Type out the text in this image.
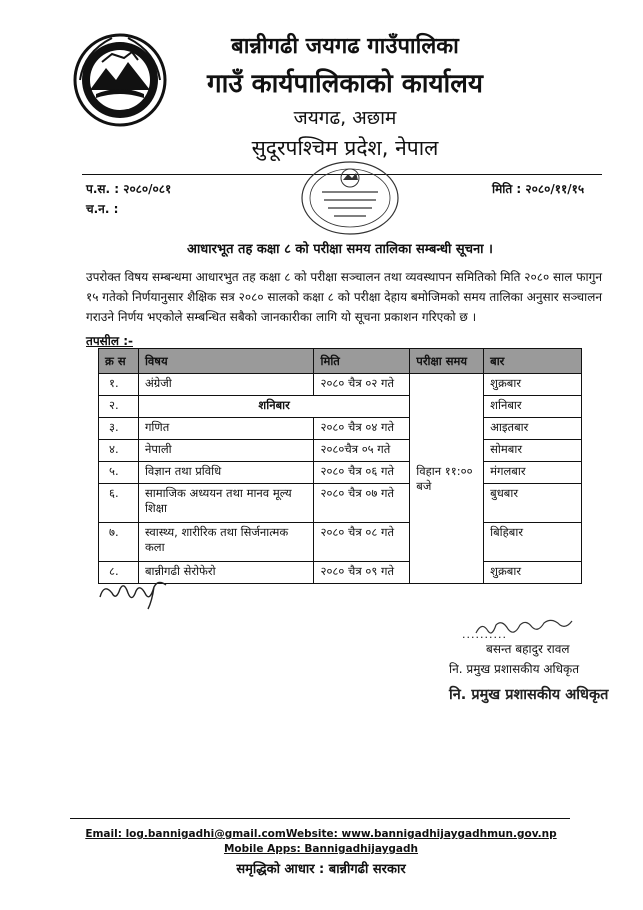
बान्नीगढी जयगढ गाउँपालिका
गाउँ कार्यपालिकाको कार्यालय
जयगढ, अछाम
सुदूरपश्चिम प्रदेश, नेपाल
प.स. : २०८०/०८१
च.न. :
मिति : २०८०/११/१५
आधारभूत तह कक्षा ८ को परीक्षा समय तालिका सम्बन्धी सूचना ।
उपरोक्त विषय सम्बन्धमा आधारभुत तह कक्षा ८ को परीक्षा सञ्चालन तथा व्यवस्थापन समितिको मिति २०८० साल फागुन १५ गतेको निर्णयानुसार शैक्षिक सत्र २०८० सालको कक्षा ८ को परीक्षा देहाय बमोजिमको समय तालिका अनुसार सञ्चालन गराउने निर्णय भएकोले सम्बन्धित सबैको जानकारीका लागि यो सूचना प्रकाशन गरिएको छ ।
तपसील :-
क्र स	विषय	मिति	परीक्षा समय	बार
१.	अंग्रेजी	२०८० चैत्र ०२ गते	विहान ११:०० बजे	शुक्रबार
२.	शनिबार			शनिबार
३.	गणित	२०८० चैत्र ०४ गते		आइतबार
४.	नेपाली	२०८०चैत्र ०५ गते		सोमबार
५.	विज्ञान तथा प्रविधि	२०८० चैत्र ०६ गते		मंगलबार
६.	सामाजिक अध्ययन तथा मानव मूल्य शिक्षा	२०८० चैत्र ०७ गते		बुधबार
७.	स्वास्थ्य, शारीरिक तथा सिर्जनात्मक कला	२०८० चैत्र ०८ गते		बिहिबार
८.	बान्नीगढी सेरोफेरो	२०८० चैत्र ०९ गते		शुक्रबार
..........
बसन्त बहादुर रावल
नि. प्रमुख प्रशासकीय अधिकृत
नि. प्रमुख प्रशासकीय अधिकृत
Email: log.bannigadhi@gmail.comWebsite: www.bannigadhijaygadhmun.gov.np
Mobile Apps: Bannigadhijaygadh
समृद्धिको आधार : बान्नीगढी सरकार
